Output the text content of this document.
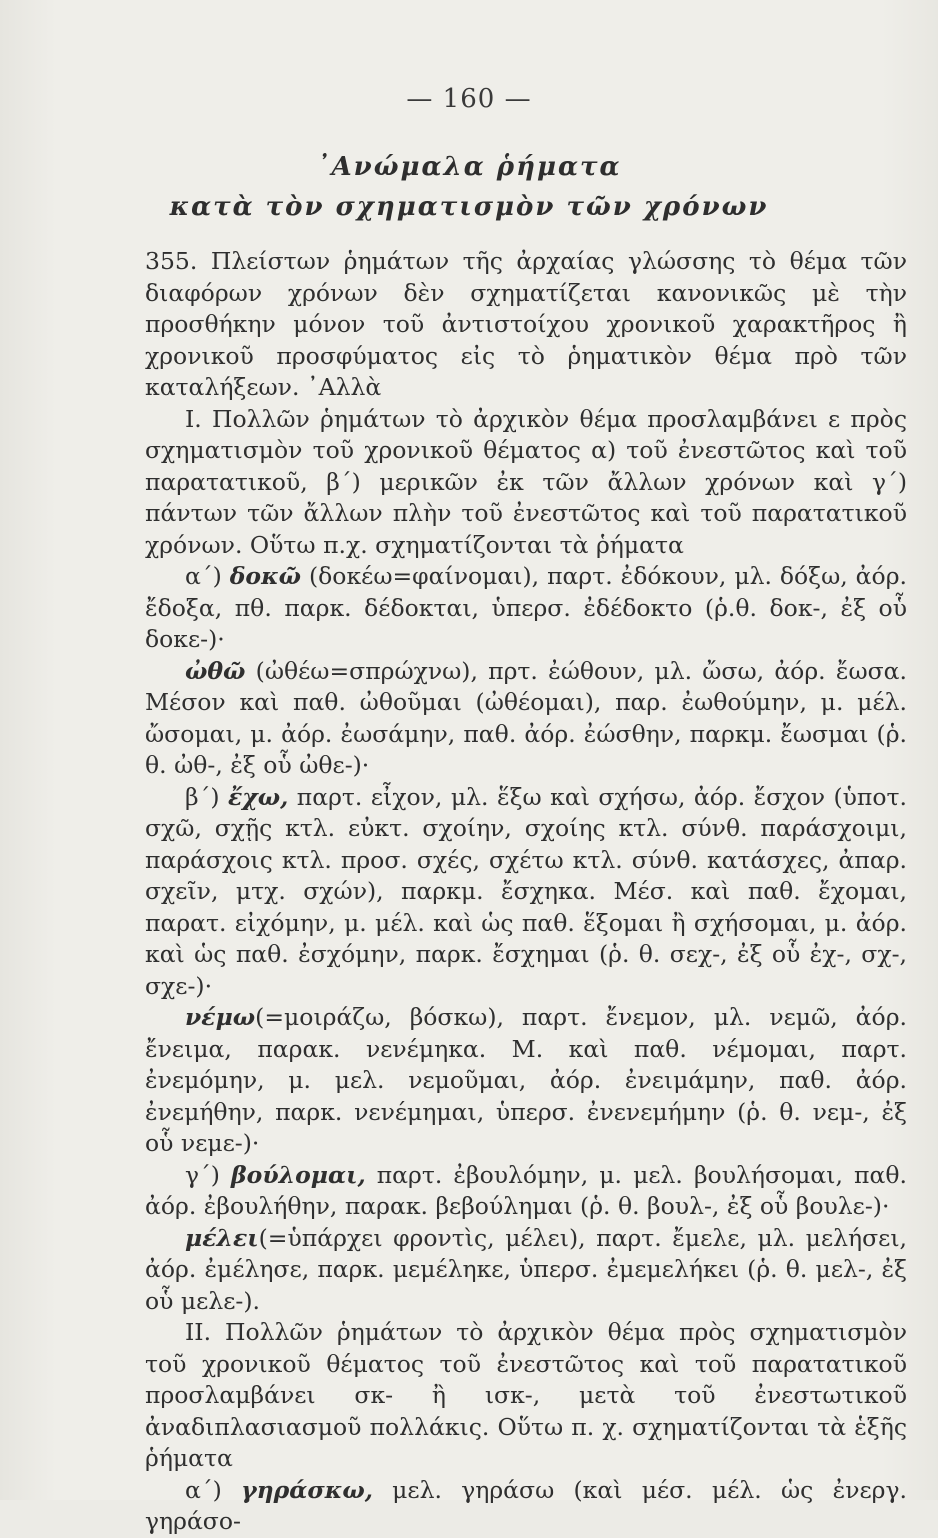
— 160 —
᾿Ανώμαλα ῥήματα
κατὰ τὸν σχηματισμὸν τῶν χρόνων

355. Πλείστων ῥημάτων τῆς ἀρχαίας γλώσσης τὸ θέμα τῶν διαφόρων χρόνων δὲν σχηματίζεται κανονικῶς μὲ τὴν προσθήκην μόνον τοῦ ἀντιστοίχου χρονικοῦ χαρακτῆρος ἢ χρονικοῦ προσφύματος εἰς τὸ ῥηματικὸν θέμα πρὸ τῶν καταλήξεων. ᾿Αλλὰ

I. Πολλῶν ῥημάτων τὸ ἀρχικὸν θέμα προσλαμβάνει ε πρὸς σχηματισμὸν τοῦ χρονικοῦ θέματος α) τοῦ ἐνεστῶτος καὶ τοῦ παρατατικοῦ, β΄) μερικῶν ἐκ τῶν ἄλλων χρόνων καὶ γ΄) πάντων τῶν ἄλλων πλὴν τοῦ ἐνεστῶτος καὶ τοῦ παρατατικοῦ χρόνων. Οὕτω π.χ. σχηματίζονται τὰ ῥήματα

α΄) δοκῶ (δοκέω=φαίνομαι), παρτ. ἐδόκουν, μλ. δόξω, ἀόρ. ἔδοξα, πθ. παρκ. δέδοκται, ὑπερσ. ἐδέδοκτο (ῥ.θ. δοκ-, ἐξ οὗ δοκε-)·

ὠθῶ (ὠθέω=σπρώχνω), πρτ. ἐώθουν, μλ. ὤσω, ἀόρ. ἔωσα. Μέσον καὶ παθ. ὠθοῦμαι (ὠθέομαι), παρ. ἐωθούμην, μ. μέλ. ὤσομαι, μ. ἀόρ. ἐωσάμην, παθ. ἀόρ. ἐώσθην, παρκμ. ἔωσμαι (ῥ. θ. ὠθ-, ἐξ οὗ ὠθε-)·

β΄) ἔχω, παρτ. εἶχον, μλ. ἕξω καὶ σχήσω, ἀόρ. ἔσχον (ὑποτ. σχῶ, σχῇς κτλ. εὐκτ. σχοίην, σχοίης κτλ. σύνθ. παράσχοιμι, παράσχοις κτλ. προσ. σχές, σχέτω κτλ. σύνθ. κατάσχες, ἀπαρ. σχεῖν, μτχ. σχών), παρκμ. ἔσχηκα. Μέσ. καὶ παθ. ἔχομαι, παρατ. εἰχόμην, μ. μέλ. καὶ ὡς παθ. ἕξομαι ἢ σχήσομαι, μ. ἀόρ. καὶ ὡς παθ. ἐσχόμην, παρκ. ἔσχημαι (ῥ. θ. σεχ-, ἐξ οὗ ἐχ-, σχ-, σχε-)·

νέμω(=μοιράζω, βόσκω), παρτ. ἔνεμον, μλ. νεμῶ, ἀόρ. ἔνειμα, παρακ. νενέμηκα. Μ. καὶ παθ. νέμομαι, παρτ. ἐνεμόμην, μ. μελ. νεμοῦμαι, ἀόρ. ἐνειμάμην, παθ. ἀόρ. ἐνεμήθην, παρκ. νενέμημαι, ὑπερσ. ἐνενεμήμην (ῥ. θ. νεμ-, ἐξ οὗ νεμε-)·

γ΄) βούλομαι, παρτ. ἐβουλόμην, μ. μελ. βουλήσομαι, παθ. ἀόρ. ἐβουλήθην, παρακ. βεβούλημαι (ῥ. θ. βουλ-, ἐξ οὗ βουλε-)·

μέλει(=ὑπάρχει φροντὶς, μέλει), παρτ. ἔμελε, μλ. μελήσει, ἀόρ. ἐμέλησε, παρκ. μεμέληκε, ὑπερσ. ἐμεμελήκει (ῥ. θ. μελ-, ἐξ οὗ μελε-).

II. Πολλῶν ῥημάτων τὸ ἀρχικὸν θέμα πρὸς σχηματισμὸν τοῦ χρονικοῦ θέματος τοῦ ἐνεστῶτος καὶ τοῦ παρατατικοῦ προσλαμβάνει σκ- ἢ ισκ-, μετὰ τοῦ ἐνεστωτικοῦ ἀναδιπλασιασμοῦ πολλάκις. Οὕτω π. χ. σχηματίζονται τὰ ἑξῆς ῥήματα

α΄) γηράσκω, μελ. γηράσω (καὶ μέσ. μέλ. ὡς ἐνεργ. γηράσο-
